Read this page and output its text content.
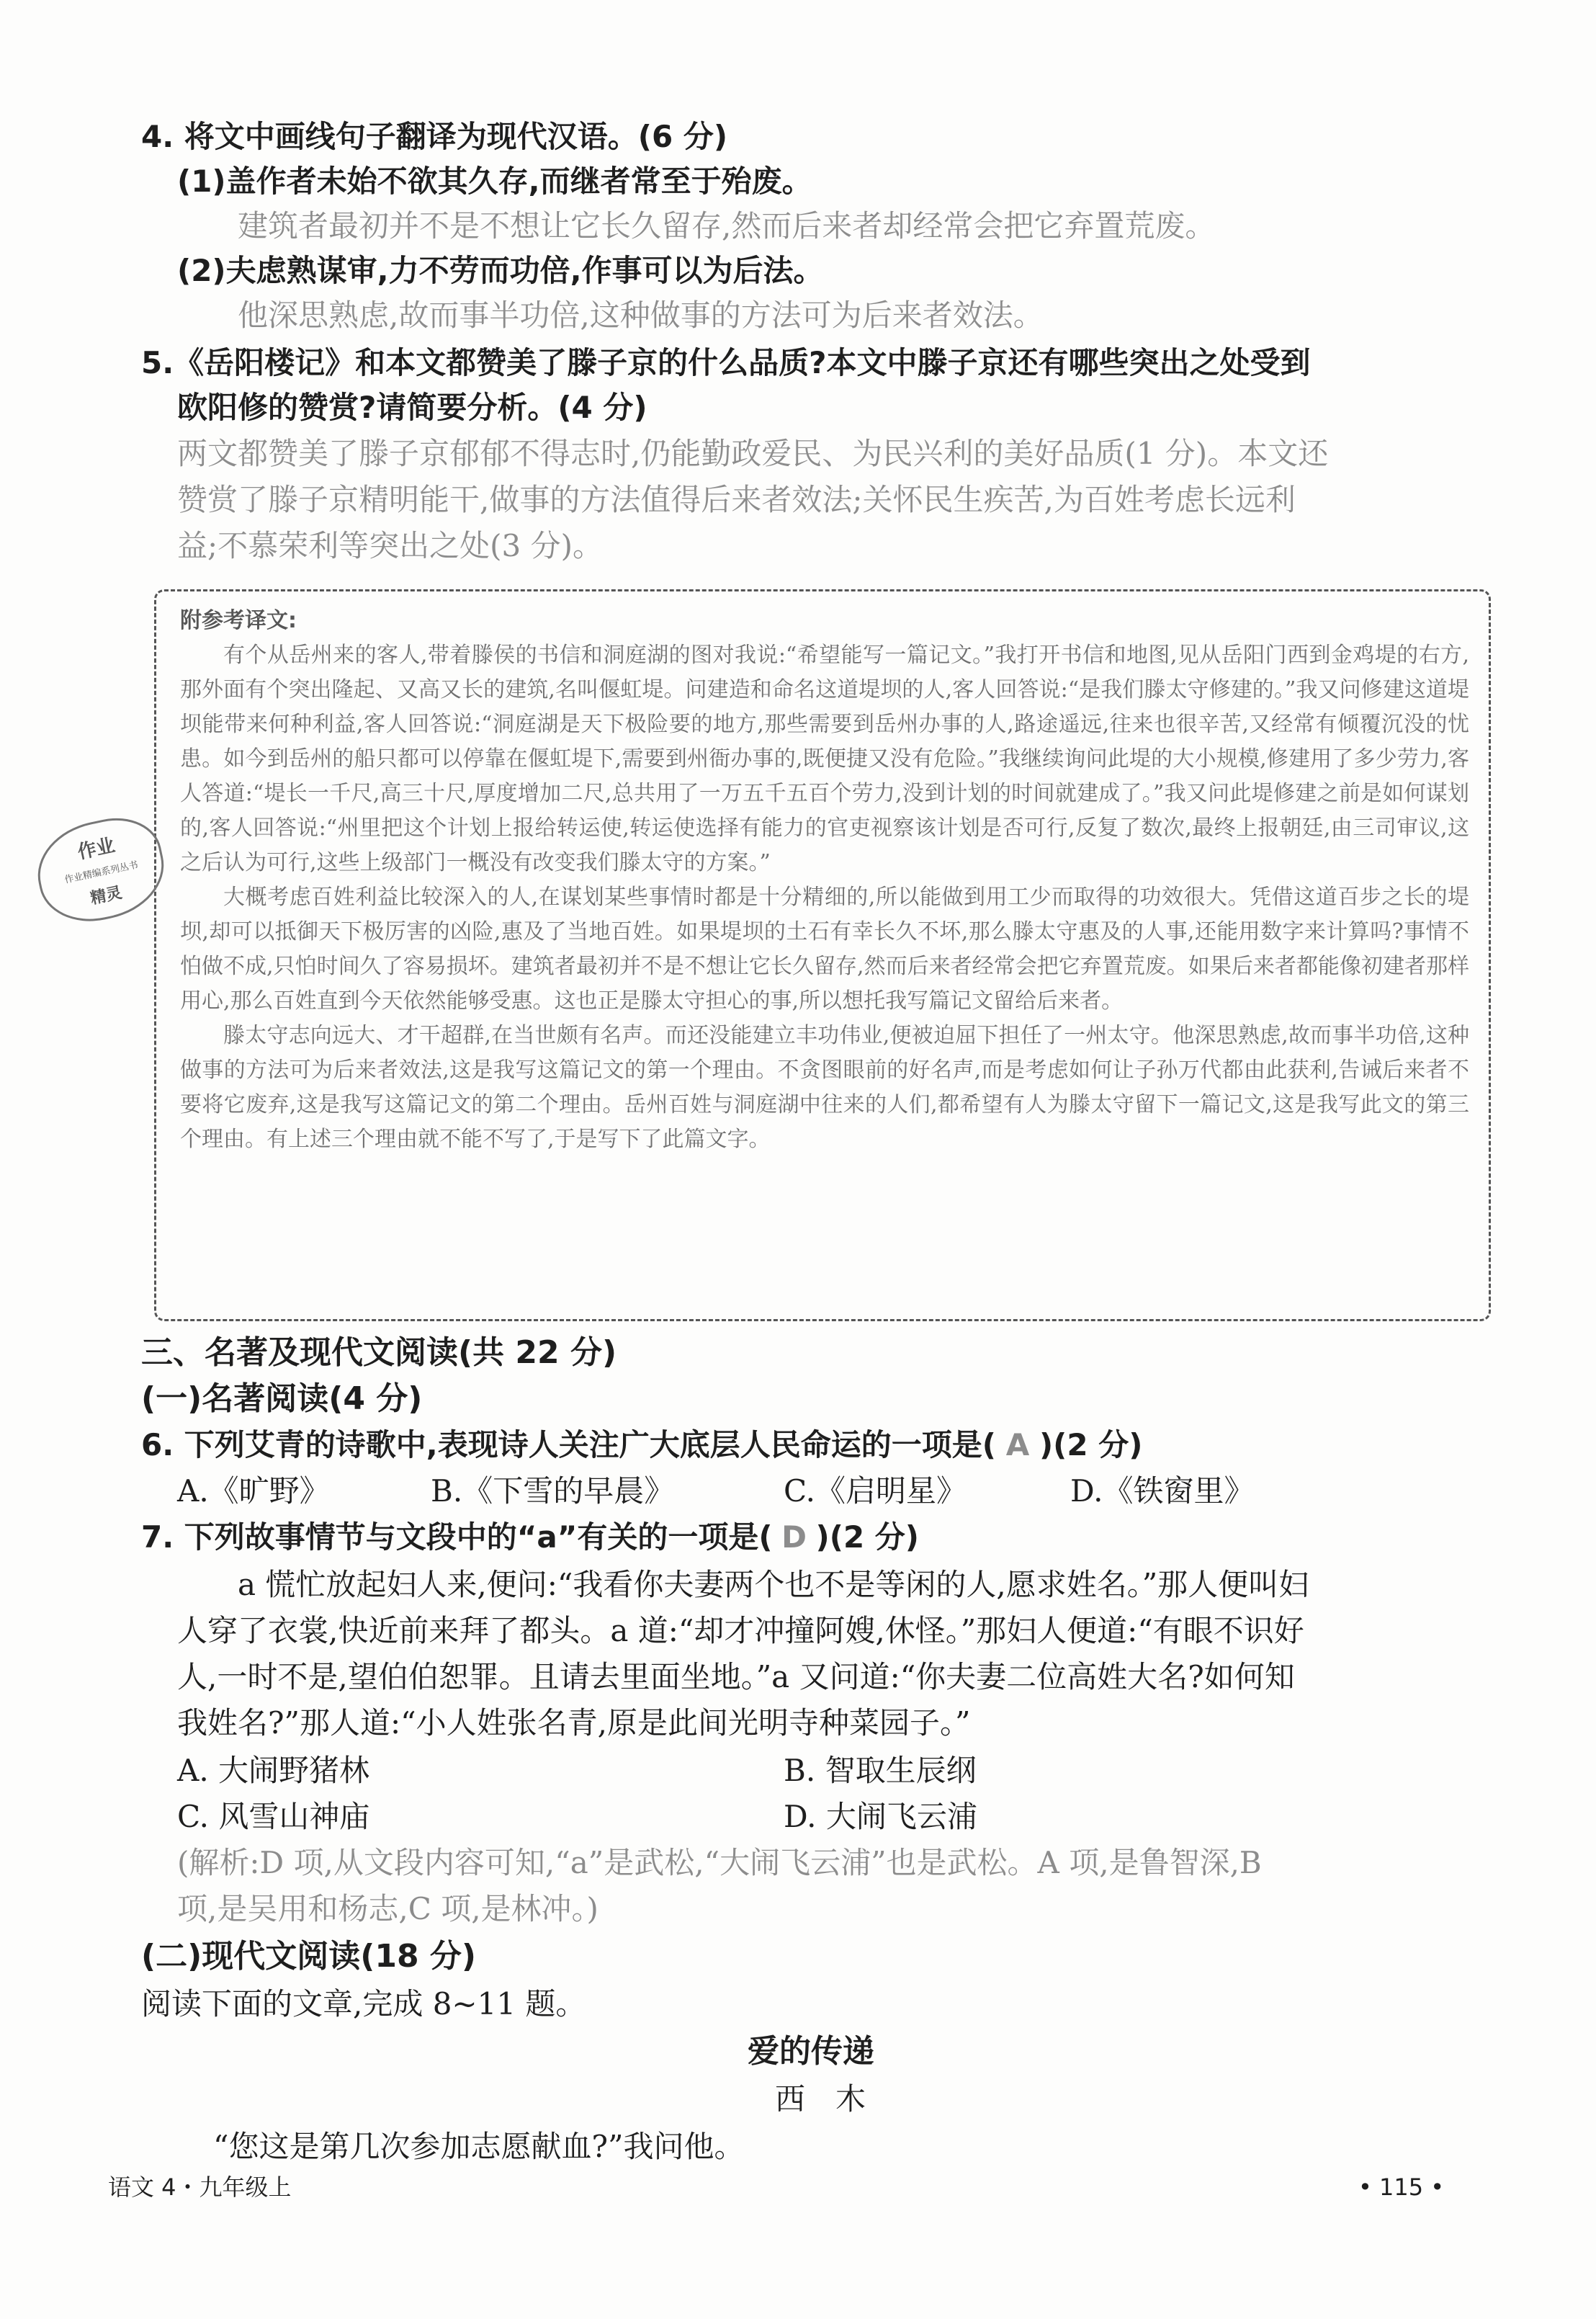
4. 将文中画线句子翻译为现代汉语。(6 分)
(1)盖作者未始不欲其久存,而继者常至于殆废。
建筑者最初并不是不想让它长久留存,然而后来者却经常会把它弃置荒废。
(2)夫虑熟谋审,力不劳而功倍,作事可以为后法。
他深思熟虑,故而事半功倍,这种做事的方法可为后来者效法。
5.《岳阳楼记》和本文都赞美了滕子京的什么品质?本文中滕子京还有哪些突出之处受到
欧阳修的赞赏?请简要分析。(4 分)
两文都赞美了滕子京郁郁不得志时,仍能勤政爱民、为民兴利的美好品质(1 分)。本文还
赞赏了滕子京精明能干,做事的方法值得后来者效法;关怀民生疾苦,为百姓考虑长远利
益;不慕荣利等突出之处(3 分)。
附参考译文:

有个从岳州来的客人,带着滕侯的书信和洞庭湖的图对我说:“希望能写一篇记文。”我打开书信和地图,见从岳阳门西到金鸡堤的右方,那外面有个突出隆起、又高又长的建筑,名叫偃虹堤。问建造和命名这道堤坝的人,客人回答说:“是我们滕太守修建的。”我又问修建这道堤坝能带来何种利益,客人回答说:“洞庭湖是天下极险要的地方,那些需要到岳州办事的人,路途遥远,往来也很辛苦,又经常有倾覆沉没的忧患。如今到岳州的船只都可以停靠在偃虹堤下,需要到州衙办事的,既便捷又没有危险。”我继续询问此堤的大小规模,修建用了多少劳力,客人答道:“堤长一千尺,高三十尺,厚度增加二尺,总共用了一万五千五百个劳力,没到计划的时间就建成了。”我又问此堤修建之前是如何谋划的,客人回答说:“州里把这个计划上报给转运使,转运使选择有能力的官吏视察该计划是否可行,反复了数次,最终上报朝廷,由三司审议,这之后认为可行,这些上级部门一概没有改变我们滕太守的方案。”

大概考虑百姓利益比较深入的人,在谋划某些事情时都是十分精细的,所以能做到用工少而取得的功效很大。凭借这道百步之长的堤坝,却可以抵御天下极厉害的凶险,惠及了当地百姓。如果堤坝的土石有幸长久不坏,那么滕太守惠及的人事,还能用数字来计算吗?事情不怕做不成,只怕时间久了容易损坏。建筑者最初并不是不想让它长久留存,然而后来者经常会把它弃置荒废。如果后来者都能像初建者那样用心,那么百姓直到今天依然能够受惠。这也正是滕太守担心的事,所以想托我写篇记文留给后来者。

滕太守志向远大、才干超群,在当世颇有名声。而还没能建立丰功伟业,便被迫屈下担任了一州太守。他深思熟虑,故而事半功倍,这种做事的方法可为后来者效法,这是我写这篇记文的第一个理由。不贪图眼前的好名声,而是考虑如何让子孙万代都由此获利,告诫后来者不要将它废弃,这是我写这篇记文的第二个理由。岳州百姓与洞庭湖中往来的人们,都希望有人为滕太守留下一篇记文,这是我写此文的第三个理由。有上述三个理由就不能不写了,于是写下了此篇文字。

作业
作业精编系列丛书
精灵
三、名著及现代文阅读(共 22 分)
(一)名著阅读(4 分)
6. 下列艾青的诗歌中,表现诗人关注广大底层人民命运的一项是( A )(2 分)
A.《旷野》	B.《下雪的早晨》	C.《启明星》	D.《铁窗里》
7. 下列故事情节与文段中的“a”有关的一项是( D )(2 分)
a 慌忙放起妇人来,便问:“我看你夫妻两个也不是等闲的人,愿求姓名。”那人便叫妇
人穿了衣裳,快近前来拜了都头。a 道:“却才冲撞阿嫂,休怪。”那妇人便道:“有眼不识好
人,一时不是,望伯伯恕罪。且请去里面坐地。”a 又问道:“你夫妻二位高姓大名?如何知
我姓名?”那人道:“小人姓张名青,原是此间光明寺种菜园子。”
A. 大闹野猪林	B. 智取生辰纲
C. 风雪山神庙	D. 大闹飞云浦
(解析:D 项,从文段内容可知,“a”是武松,“大闹飞云浦”也是武松。A 项,是鲁智深,B
项,是吴用和杨志,C 项,是林冲。)
(二)现代文阅读(18 分)
阅读下面的文章,完成 8~11 题。
爱的传递
西　木
“您这是第几次参加志愿献血?”我问他。
语文 4・九年级上	• 115 •
